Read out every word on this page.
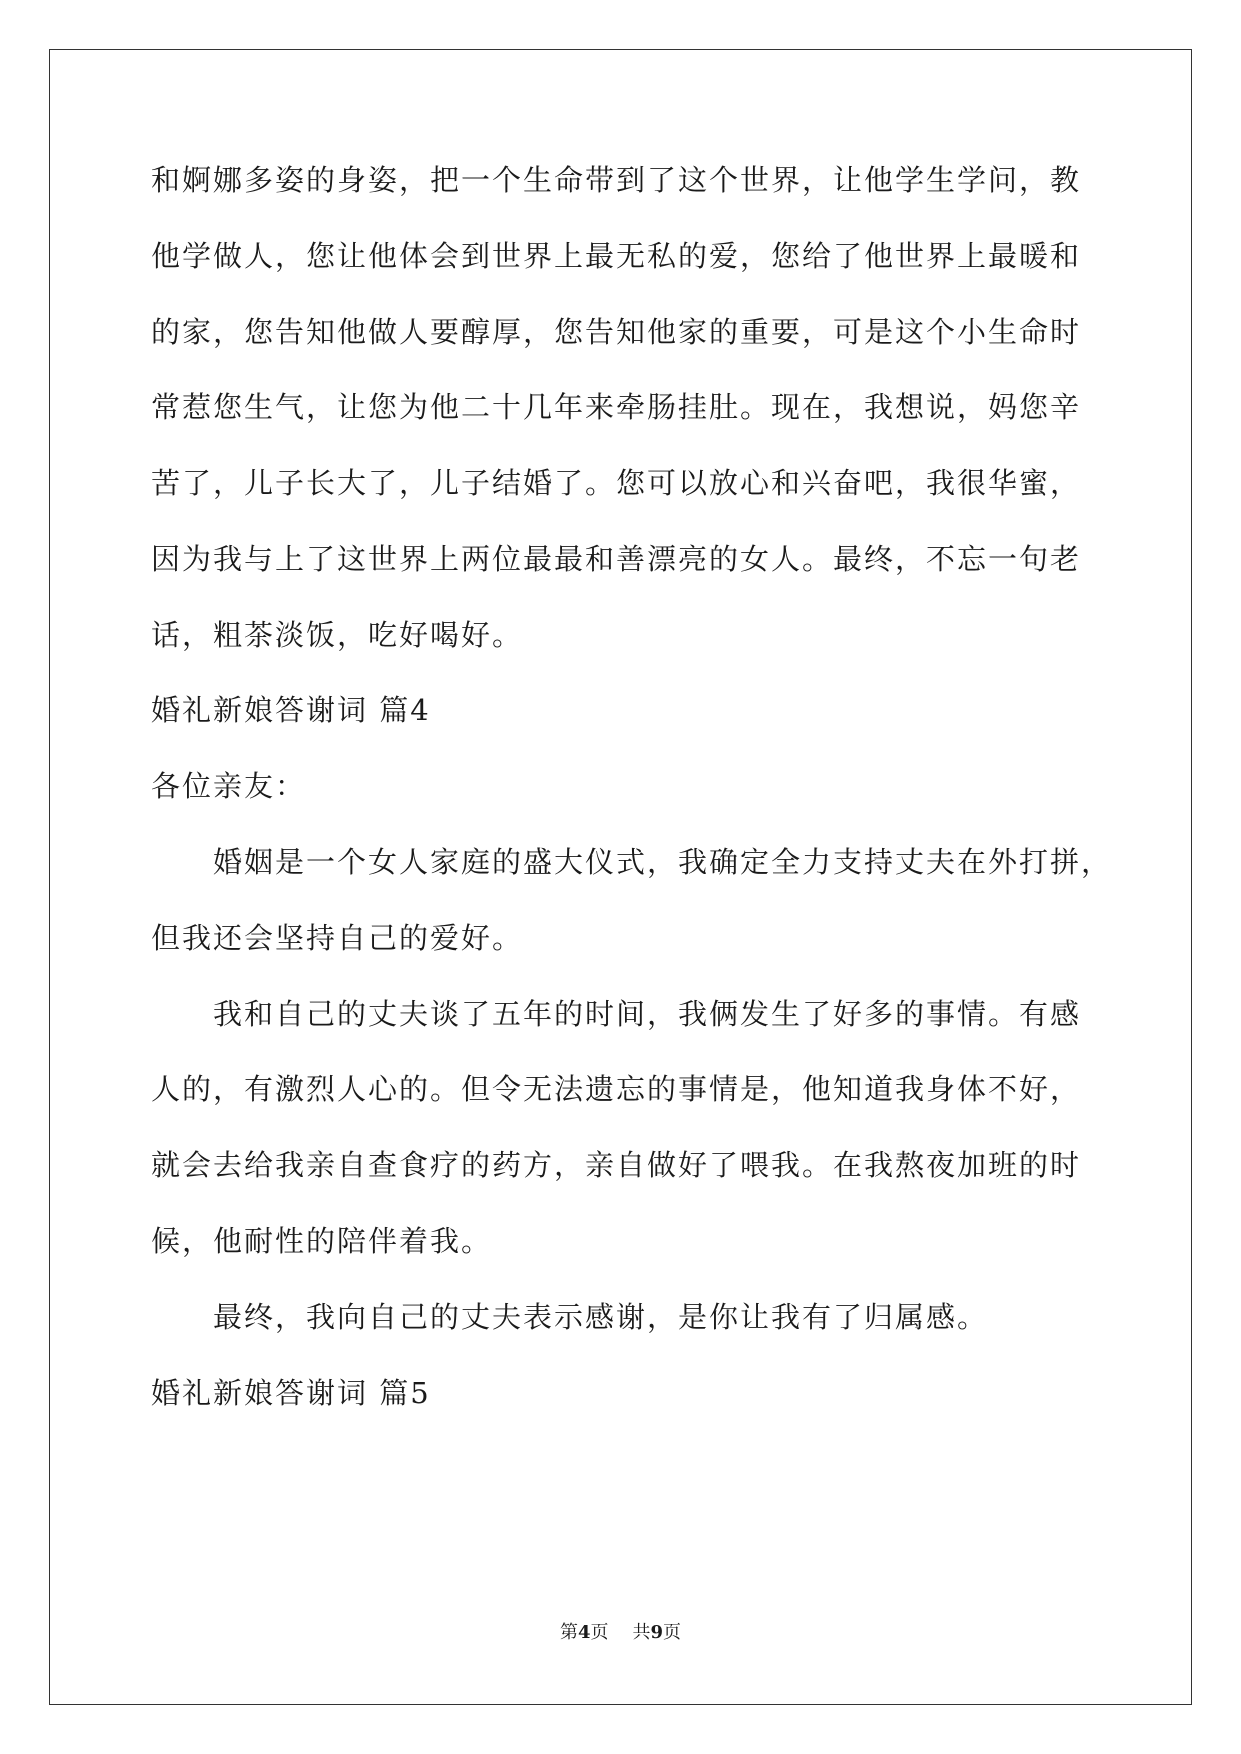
和婀娜多姿的身姿，把一个生命带到了这个世界，让他学生学问，教
他学做人，您让他体会到世界上最无私的爱，您给了他世界上最暖和
的家，您告知他做人要醇厚，您告知他家的重要，可是这个小生命时
常惹您生气，让您为他二十几年来牵肠挂肚。现在，我想说，妈您辛
苦了，儿子长大了，儿子结婚了。您可以放心和兴奋吧，我很华蜜，
因为我与上了这世界上两位最最和善漂亮的女人。最终，不忘一句老
话，粗茶淡饭，吃好喝好。
婚礼新娘答谢词 篇4
各位亲友：
婚姻是一个女人家庭的盛大仪式，我确定全力支持丈夫在外打拼，
但我还会坚持自己的爱好。
我和自己的丈夫谈了五年的时间，我俩发生了好多的事情。有感
人的，有激烈人心的。但令无法遗忘的事情是，他知道我身体不好，
就会去给我亲自查食疗的药方，亲自做好了喂我。在我熬夜加班的时
候，他耐性的陪伴着我。
最终，我向自己的丈夫表示感谢，是你让我有了归属感。
婚礼新娘答谢词 篇5
第4页 共9页
